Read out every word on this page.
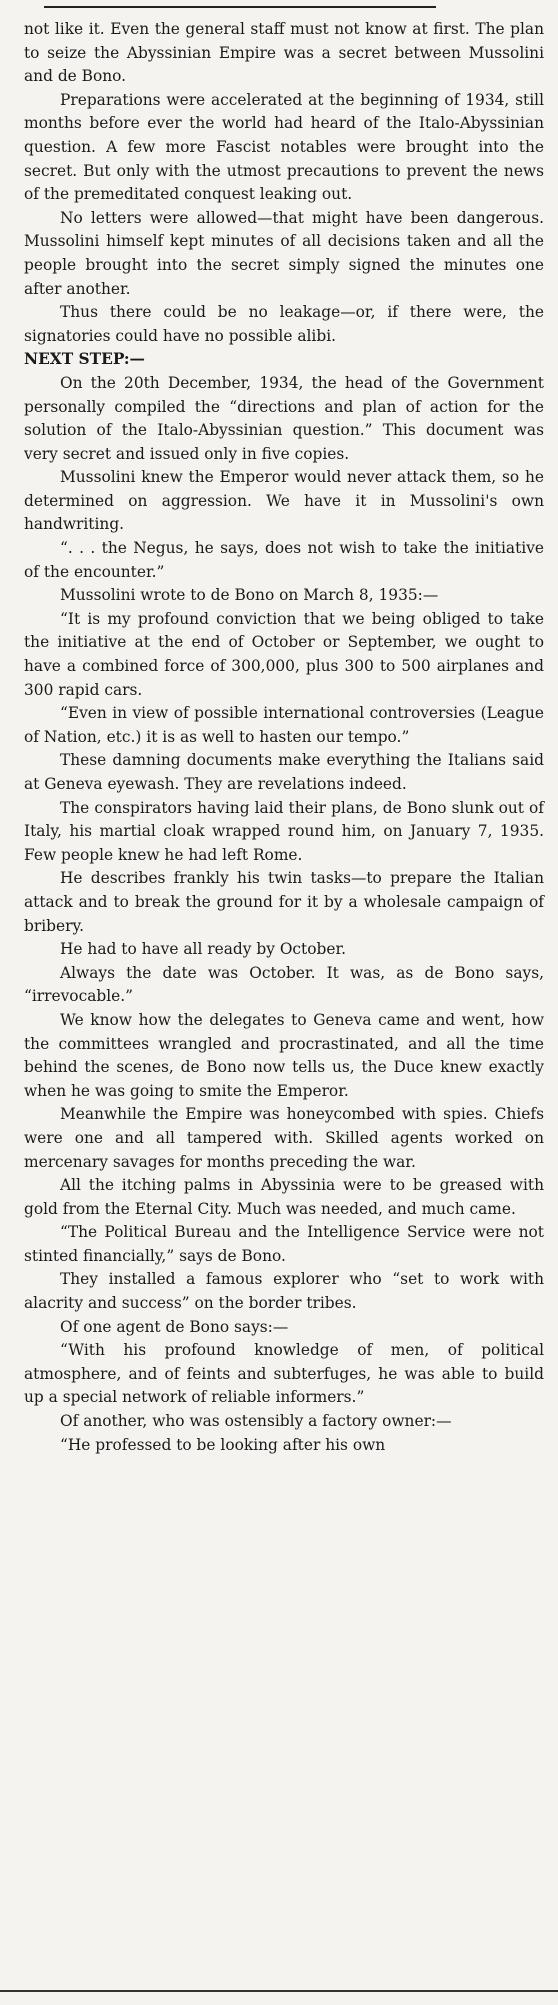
not like it. Even the general staff must not know at first. The plan to seize the Abyssinian Empire was a secret between Mussolini and de Bono.

Preparations were accelerated at the beginning of 1934, still months before ever the world had heard of the Italo-Abyssinian question. A few more Fascist notables were brought into the secret. But only with the utmost precautions to prevent the news of the premeditated conquest leaking out.

No letters were allowed—that might have been dangerous. Mussolini himself kept minutes of all decisions taken and all the people brought into the secret simply signed the minutes one after another.

Thus there could be no leakage—or, if there were, the signatories could have no possible alibi.

NEXT STEP:—

On the 20th December, 1934, the head of the Government personally compiled the “directions and plan of action for the solution of the Italo-Abyssinian question.” This document was very secret and issued only in five copies.

Mussolini knew the Emperor would never attack them, so he determined on aggression. We have it in Mussolini's own handwriting.

“. . . the Negus, he says, does not wish to take the initiative of the encounter.”

Mussolini wrote to de Bono on March 8, 1935:—

“It is my profound conviction that we being obliged to take the initiative at the end of October or September, we ought to have a combined force of 300,000, plus 300 to 500 airplanes and 300 rapid cars.

“Even in view of possible international controversies (League of Nation, etc.) it is as well to hasten our tempo.”

These damning documents make everything the Italians said at Geneva eyewash. They are revelations indeed.

The conspirators having laid their plans, de Bono slunk out of Italy, his martial cloak wrapped round him, on January 7, 1935. Few people knew he had left Rome.

He describes frankly his twin tasks—to prepare the Italian attack and to break the ground for it by a wholesale campaign of bribery.

He had to have all ready by October.

Always the date was October. It was, as de Bono says, “irrevocable.”

We know how the delegates to Geneva came and went, how the committees wrangled and procrastinated, and all the time behind the scenes, de Bono now tells us, the Duce knew exactly when he was going to smite the Emperor.

Meanwhile the Empire was honeycombed with spies. Chiefs were one and all tampered with. Skilled agents worked on mercenary savages for months preceding the war.

All the itching palms in Abyssinia were to be greased with gold from the Eternal City. Much was needed, and much came.

“The Political Bureau and the Intelligence Service were not stinted financially,” says de Bono.

They installed a famous explorer who “set to work with alacrity and success” on the border tribes.

Of one agent de Bono says:—

“With his profound knowledge of men, of political atmosphere, and of feints and subterfuges, he was able to build up a special network of reliable informers.”

Of another, who was ostensibly a factory owner:—

“He professed to be looking after his own
